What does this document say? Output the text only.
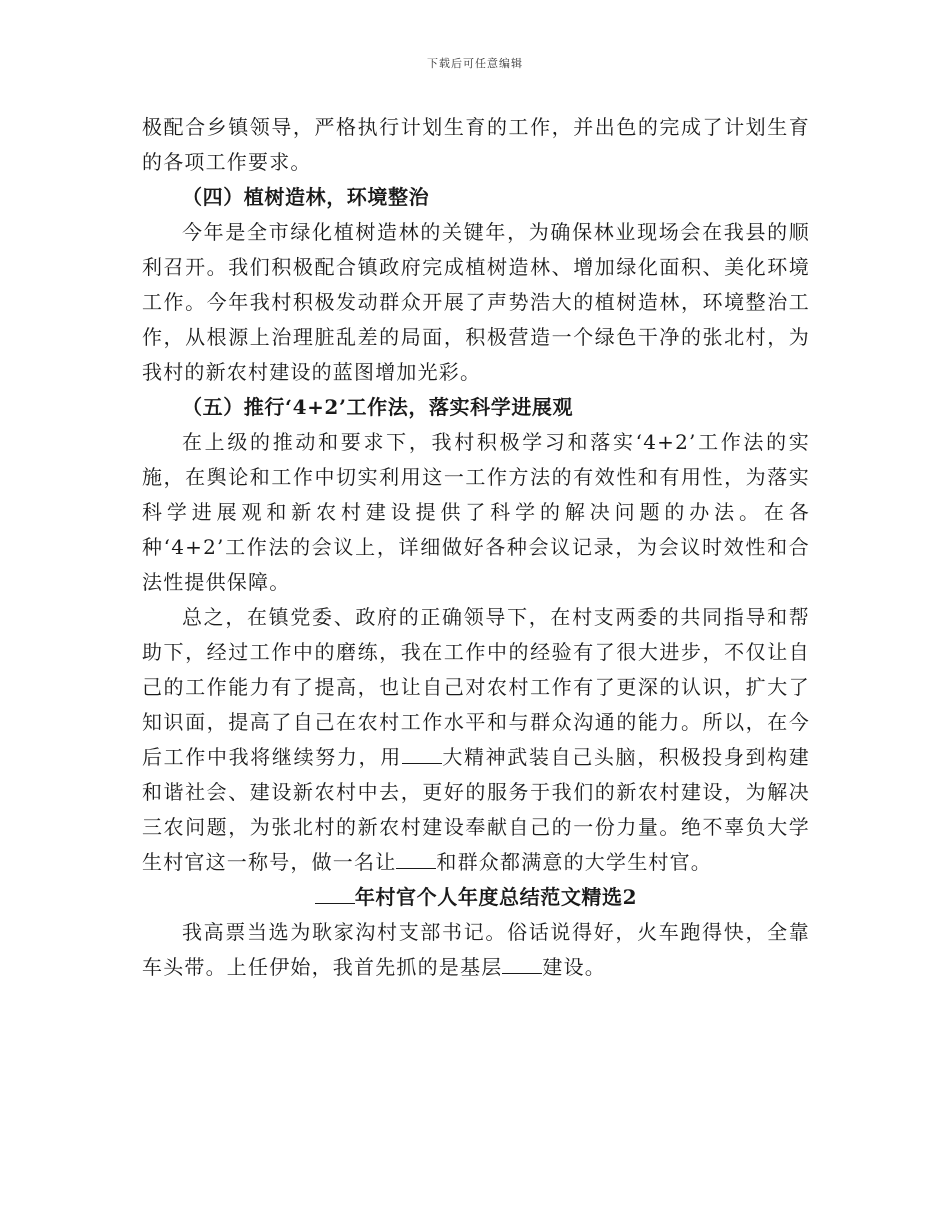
下载后可任意编辑

极配合乡镇领导，严格执行计划生育的工作，并出色的完成了计划生育的各项工作要求。

（四）植树造林，环境整治

今年是全市绿化植树造林的关键年，为确保林业现场会在我县的顺利召开。我们积极配合镇政府完成植树造林、增加绿化面积、美化环境工作。今年我村积极发动群众开展了声势浩大的植树造林，环境整治工作，从根源上治理脏乱差的局面，积极营造一个绿色干净的张北村，为我村的新农村建设的蓝图增加光彩。

（五）推行‘4+2’工作法，落实科学进展观

在上级的推动和要求下，我村积极学习和落实‘4+2’工作法的实施，在舆论和工作中切实利用这一工作方法的有效性和有用性，为落实科学进展观和新农村建设提供了科学的解决问题的办法。在各种‘4+2’工作法的会议上，详细做好各种会议记录，为会议时效性和合法性提供保障。

总之，在镇党委、政府的正确领导下，在村支两委的共同指导和帮助下，经过工作中的磨练，我在工作中的经验有了很大进步，不仅让自己的工作能力有了提高，也让自己对农村工作有了更深的认识，扩大了知识面，提高了自己在农村工作水平和与群众沟通的能力。所以，在今后工作中我将继续努力，用 大精神武装自己头脑，积极投身到构建和谐社会、建设新农村中去，更好的服务于我们的新农村建设，为解决三农问题，为张北村的新农村建设奉献自己的一份力量。绝不辜负大学生村官这一称号，做一名让 和群众都满意的大学生村官。

年村官个人年度总结范文精选2

我高票当选为耿家沟村支部书记。俗话说得好，火车跑得快，全靠车头带。上任伊始，我首先抓的是基层 建设。
